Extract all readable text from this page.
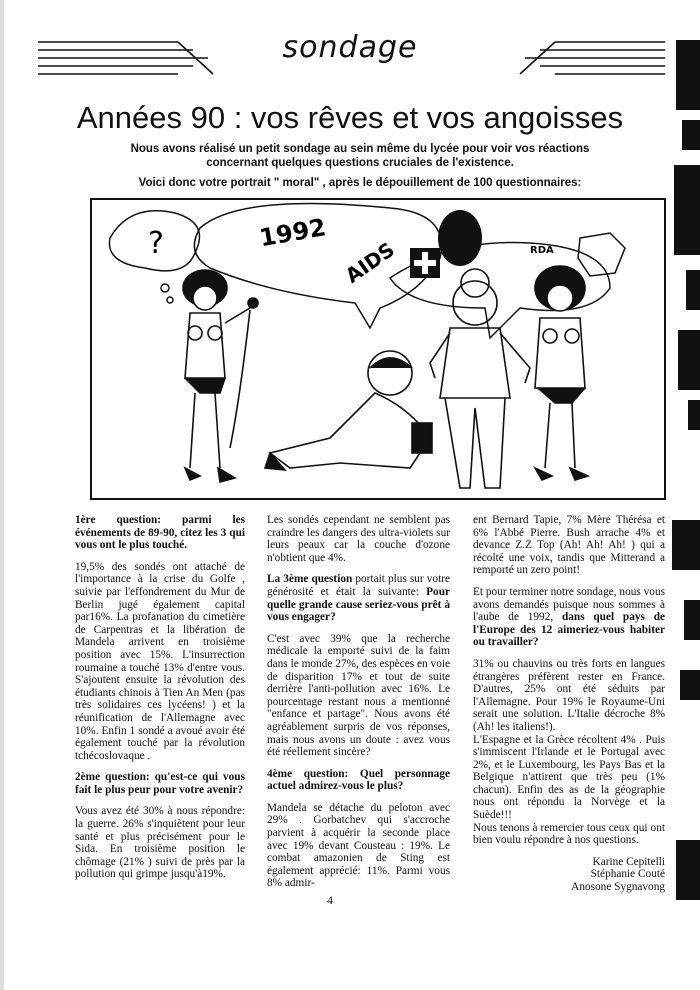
sondage
Années 90 : vos rêves et vos angoisses
Nous avons réalisé un petit sondage au sein même du lycée pour voir vos réactions
concernant quelques questions cruciales de l'existence.
Voici donc votre portrait " moral" , après le dépouillement de 100 questionnaires:
?	1992
AIDS	RDA

1ère question: parmi les événements de 89-90, citez les 3 qui vous ont le plus touché.

19,5% des sondés ont attaché de l'importance à la crise du Golfe , suivie par l'effondrement du Mur de Berlin jugé également capital par16%. La profanation du cimetière de Carpentras et la libération de Mandela arrivent en troisième position avec 15%. L'insurrection roumaine a touché 13% d'entre vous. S'ajoutent ensuite la révolution des étudiants chinois à Tien An Men (pas très solidaires ces lycéens! ) et la réunification de l'Allemagne avec 10%. Enfin 1 sondé a avoué avoir été également touché par la révolution tchécoslovaque .

2ème question: qu'est-ce qui vous fait le plus peur pour votre avenir?

Vous avez été 30% à nous répondre: la guerre. 26% s'inquiètent pour leur santé et plus précisément pour le Sida. En troisième position le chômage (21% ) suivi de près par la pollution qui grimpe jusqu'à19%.

Les sondés cependant ne semblent pas craindre les dangers des ultra-violets sur leurs peaux car la couche d'ozone n'obtient que 4%.

La 3ème question portait plus sur votre générosité et était la suivante: Pour quelle grande cause seriez-vous prêt à vous engager?

C'est avec 39% que la recherche médicale la emporté suivi de la faim dans le monde 27%, des espèces en voie de disparition 17% et tout de suite derrière l'anti-pollution avec 16%. Le pourcentage restant nous a mentionné "enfance et partage". Nous avons été agréablement surpris de vos réponses, mais nous avons un doute : avez vous été réellement sincère?

4ème question: Quel personnage actuel admirez-vous le plus?

Mandela se détache du peloton avec 29% . Gorbatchev qui s'accroche parvient à acquérir la seconde place avec 19% devant Cousteau : 19%. Le combat amazonien de Sting est également apprécié: 11%. Parmi vous 8% admir-

ent Bernard Tapie, 7% Mère Thérésa et 6% l'Abbé Pierre. Bush arrache 4% et devance Z.Z Top (Ah! Ah! Ah! ) qui a récolté une voix, tandis que Mitterand a remporté un zero point!

Et pour terminer notre sondage, nous vous avons demandés puisque nous sommes à l'aube de 1992, dans quel pays de l'Europe des 12 aimeriez-vous habiter ou travailler?

31% ou chauvins ou très forts en langues étrangères préfèrent rester en France. D'autres, 25% ont été séduits par l'Allemagne. Pour 19% le Royaume-Uni serait une solution. L'Italie décroche 8%(Ah! les italiens!).

L'Espagne et la Grèce récoltent 4% . Puis s'immiscent l'Irlande et le Portugal avec 2%, et le Luxembourg, les Pays Bas et la Belgique n'attirent que très peu (1% chacun). Enfin des as de la géographie nous ont répondu la Norvège et la Suède!!!

Nous tenons à remercier tous ceux qui ont bien voulu répondre à nos questions.

Karine Cepitelli
Stéphanie Couté
Anosone Sygnavong
4
